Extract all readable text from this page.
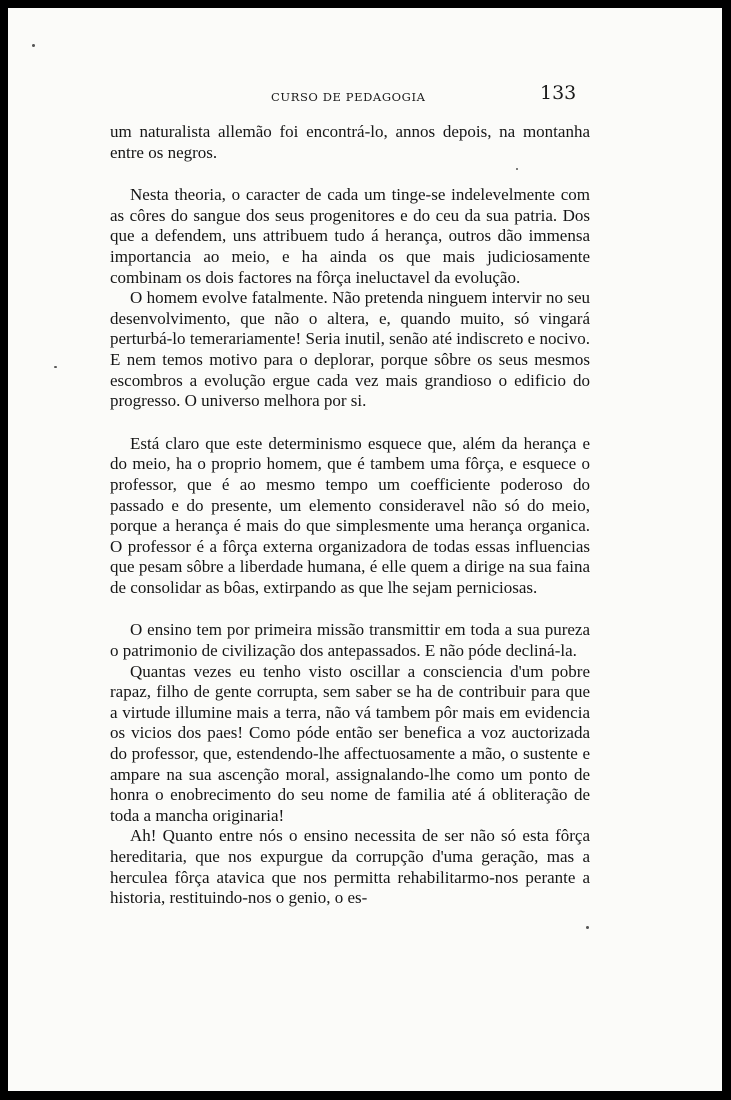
CURSO DE PEDAGOGIA	133

um naturalista allemão foi encontrá-lo, annos depois, na montanha entre os negros.

Nesta theoria, o caracter de cada um tinge-se indelevelmente com as côres do sangue dos seus progenitores e do ceu da sua patria. Dos que a defendem, uns attribuem tudo á herança, outros dão immensa importancia ao meio, e ha ainda os que mais judiciosamente combinam os dois factores na fôrça ineluctavel da evolução.

O homem evolve fatalmente. Não pretenda ninguem intervir no seu desenvolvimento, que não o altera, e, quando muito, só vingará perturbá-lo temerariamente! Seria inutil, senão até indiscreto e nocivo. E nem temos motivo para o deplorar, porque sôbre os seus mesmos escombros a evolução ergue cada vez mais grandioso o edificio do progresso. O universo melhora por si.

Está claro que este determinismo esquece que, além da herança e do meio, ha o proprio homem, que é tambem uma fôrça, e esquece o professor, que é ao mesmo tempo um coefficiente poderoso do passado e do presente, um elemento consideravel não só do meio, porque a herança é mais do que simplesmente uma herança organica. O professor é a fôrça externa organizadora de todas essas influencias que pesam sôbre a liberdade humana, é elle quem a dirige na sua faina de consolidar as bôas, extirpando as que lhe sejam perniciosas.

O ensino tem por primeira missão transmittir em toda a sua pureza o patrimonio de civilização dos antepassados. E não póde decliná-la.

Quantas vezes eu tenho visto oscillar a consciencia d'um pobre rapaz, filho de gente corrupta, sem saber se ha de contribuir para que a virtude illumine mais a terra, não vá tambem pôr mais em evidencia os vicios dos paes! Como póde então ser benefica a voz auctorizada do professor, que, estendendo-lhe affectuosamente a mão, o sustente e ampare na sua ascenção moral, assignalando-lhe como um ponto de honra o enobrecimento do seu nome de familia até á obliteração de toda a mancha originaria!

Ah! Quanto entre nós o ensino necessita de ser não só esta fôrça hereditaria, que nos expurgue da corrupção d'uma geração, mas a herculea fôrça atavica que nos permitta rehabilitarmo-nos perante a historia, restituindo-nos o genio, o es-
